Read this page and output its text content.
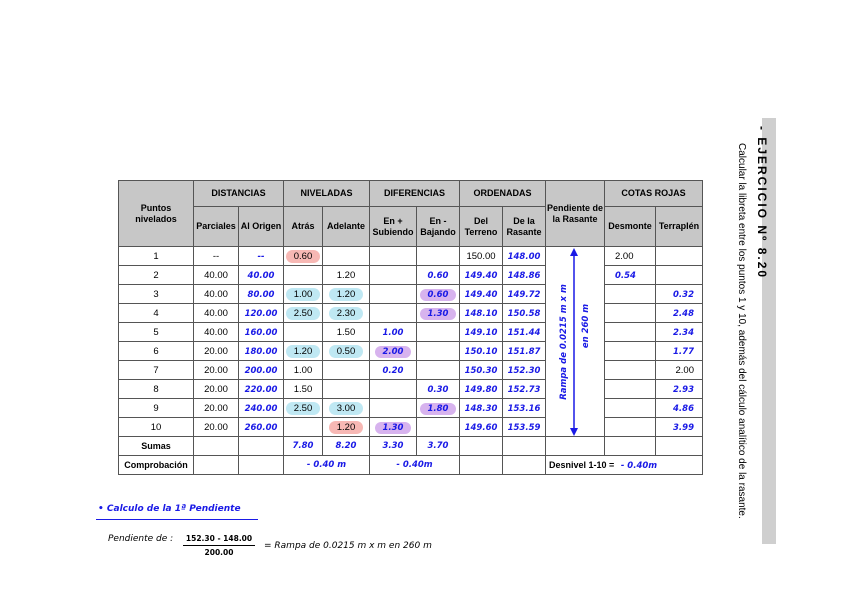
- EJERCICIO Nº 8.20
Calcular la libreta entre los puntos 1 y 10, además del cálculo analítico de la rasante.
Puntos nivelados	DISTANCIAS		NIVELADAS		DIFERENCIAS		ORDENADAS		Pendiente de la Rasante	COTAS ROJAS	
	Parciales	Al Origen	Atrás	Adelante	En + Subiendo	En - Bajando	Del Terreno	De la Rasante		Desmonte	Terraplén
1	--	--	0.60				150.00	148.00		2.00	
2	40.00	40.00		1.20		0.60	149.40	148.86		0.54	
3	40.00	80.00	1.00	1.20		0.60	149.40	149.72			0.32
4	40.00	120.00	2.50	2.30		1.30	148.10	150.58			2.48
5	40.00	160.00		1.50	1.00		149.10	151.44			2.34
6	20.00	180.00	1.20	0.50	2.00		150.10	151.87			1.77
7	20.00	200.00	1.00		0.20		150.30	152.30			2.00
8	20.00	220.00	1.50			0.30	149.80	152.73			2.93
9	20.00	240.00	2.50	3.00		1.80	148.30	153.16			4.86
10	20.00	260.00		1.20	1.30		149.60	153.59			3.99
Sumas			7.80	8.20	3.30	3.70					
Comprobación			- 0.40 m		- 0.40m				Desnivel 1-10 = - 0.40m		
Rampa de 0.0215 m x m en 260 m
• Calculo de la 1ª Pendiente
Pendiente de : $\frac{152.30 - 148.00}{200.00}$ = Rampa de 0.0215 m x m en 260 m
